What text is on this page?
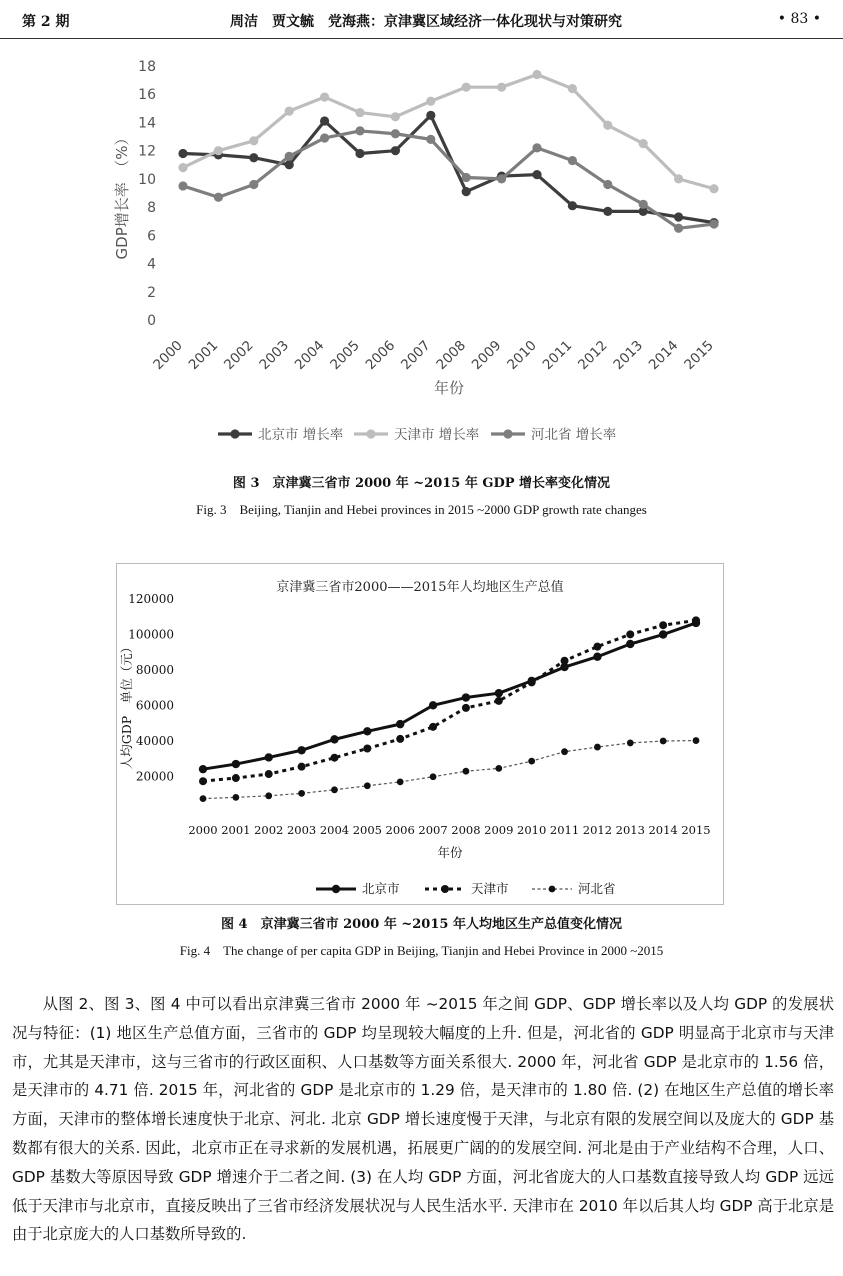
第 2 期	周洁　贾文毓　党海燕：京津冀区域经济一体化现状与对策研究	• 83 •
0
2
4
6
8
10
12
14
16
18
2000 2001 2002 2003 2004 2005 2006 2007 2008 2009 2010 2011 2012 2013 2014 2015
年份
GDP增长率　（%）
北京市 增长率	天津市 增长率	河北省 增长率
图 3　京津冀三省市 2000 年 ~2015 年 GDP 增长率变化情况
Fig. 3　Beijing, Tianjin and Hebei provinces in 2015 ~2000 GDP growth rate changes
京津冀三省市2000——2015年人均地区生产总值
20000
40000
60000
80000
100000
120000
2000 2001 2002 2003 2004 2005 2006 2007 2008 2009 2010 2011 2012 2013 2014 2015
年份
人均GDP　单位（元）
北京市	天津市	河北省
图 4　京津冀三省市 2000 年 ~2015 年人均地区生产总值变化情况
Fig. 4　The change of per capita GDP in Beijing, Tianjin and Hebei Province in 2000 ~2015

从图 2、图 3、图 4 中可以看出京津冀三省市 2000 年 ~2015 年之间 GDP、GDP 增长率以及人均 GDP 的发展状况与特征：(1) 地区生产总值方面，三省市的 GDP 均呈现较大幅度的上升. 但是，河北省的 GDP 明显高于北京市与天津市，尤其是天津市，这与三省市的行政区面积、人口基数等方面关系很大. 2000 年，河北省 GDP 是北京市的 1.56 倍，是天津市的 4.71 倍. 2015 年，河北省的 GDP 是北京市的 1.29 倍，是天津市的 1.80 倍. (2) 在地区生产总值的增长率方面，天津市的整体增长速度快于北京、河北. 北京 GDP 增长速度慢于天津，与北京有限的发展空间以及庞大的 GDP 基数都有很大的关系. 因此，北京市正在寻求新的发展机遇，拓展更广阔的的发展空间. 河北是由于产业结构不合理，人口、GDP 基数大等原因导致 GDP 增速介于二者之间. (3) 在人均 GDP 方面，河北省庞大的人口基数直接导致人均 GDP 远远低于天津市与北京市，直接反映出了三省市经济发展状况与人民生活水平. 天津市在 2010 年以后其人均 GDP 高于北京是由于北京庞大的人口基数所导致的.
